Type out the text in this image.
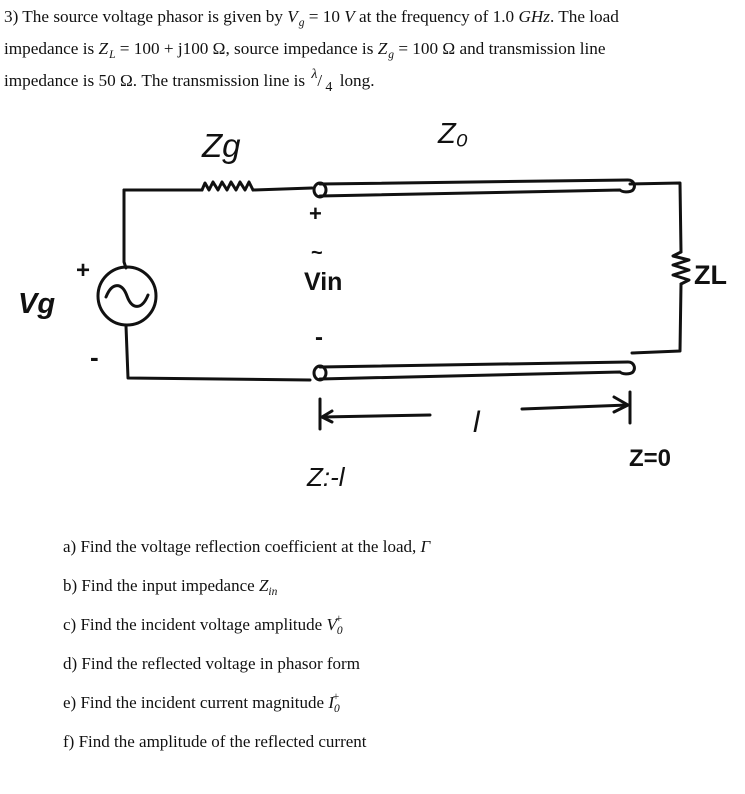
3) The source voltage phasor is given by $V_g = 10$ V at the frequency of 1.0 GHz. The load
impedance is $Z_L = 100 + j100$ Ω, source impedance is $Z_g = 100$ Ω and transmission line
impedance is 50 Ω. The transmission line is λ / 4 long.
Zg	Z₀
+
~
Vin
-
+
-
Vg
ZL
l
Z:-l
Z=0
a) Find the voltage reflection coefficient at the load, Γ
b) Find the input impedance $Z_{in}$
c) Find the incident voltage amplitude $V_0^+$
d) Find the reflected voltage in phasor form
e) Find the incident current magnitude $I_0^+$
f) Find the amplitude of the reflected current
